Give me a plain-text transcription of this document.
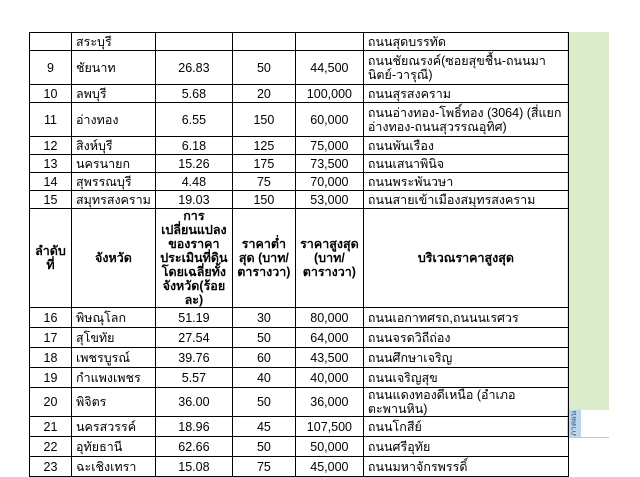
ภาคผน
	สระบุรี				ถนนสุดบรรทัด
9	ชัยนาท	26.83	50	44,500	ถนนชัยณรงค์(ซอยสุขชื้น-ถนนมานิตย์-วารุณี)
10	ลพบุรี	5.68	20	100,000	ถนนสุรสงคราม
11	อ่างทอง	6.55	150	60,000	ถนนอ่างทอง-โพธิ์ทอง (3064) (สี่แยกอ่างทอง-ถนนสุวรรณอุทิศ)
12	สิงห์บุรี	6.18	125	75,000	ถนนพันเรือง
13	นครนายก	15.26	175	73,500	ถนนเสนาพินิจ
14	สุพรรณบุรี	4.48	75	70,000	ถนนพระพันวษา
15	สมุทรสงคราม	19.03	150	53,000	ถนนสายเข้าเมืองสมุทรสงคราม
ลำดับที่	จังหวัด	การเปลี่ยนแปลงของราคาประเมินที่ดินโดยเฉลี่ยทั้งจังหวัด(ร้อยละ)	ราคาต่ำสุด (บาท/ตารางวา)	ราคาสูงสุด (บาท/ตารางวา)	บริเวณราคาสูงสุด
16	พิษณุโลก	51.19	30	80,000	ถนนเอกาทศรถ,ถนนนเรศวร
17	สุโขทัย	27.54	50	64,000	ถนนจรดวิถีถ่อง
18	เพชรบูรณ์	39.76	60	43,500	ถนนศึกษาเจริญ
19	กำแพงเพชร	5.57	40	40,000	ถนนเจริญสุข
20	พิจิตร	36.00	50	36,000	ถนนแดงทองดีเหนือ (อำเภอตะพานหิน)
21	นครสวรรค์	18.96	45	107,500	ถนนโกสีย์
22	อุทัยธานี	62.66	50	50,000	ถนนศรีอุทัย
23	ฉะเชิงเทรา	15.08	75	45,000	ถนนมหาจักรพรรดิ์
